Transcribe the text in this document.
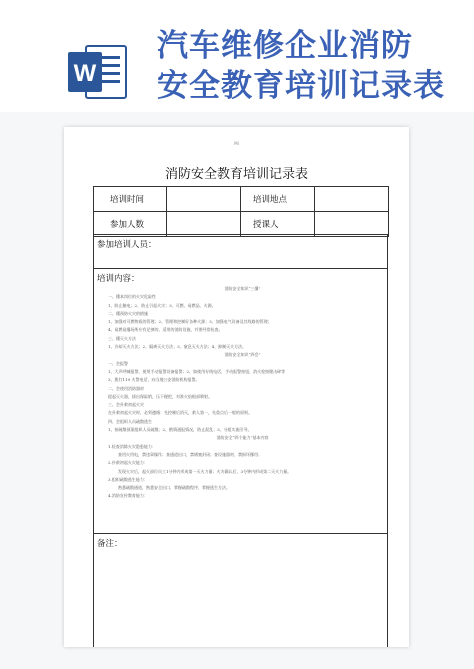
W
汽车维修企业消防
安全教育培训记录表
Mi
消防安全教育培训记录表
培训时间		培训地点	
参加人数		授课人	
参加培训人员：
培训内容：
消防安全知识“三懂”
一、懂本岗位的火灾危险性
1、防止触电；2、防止引起火灾；3、可燃、易燃品、火源。
二、懂预防火灾的措施
1、加强对可燃物质的管理；2、管理和控制好各种火源；3、加强电气设备及其线路的管理；
4、易燃易爆场所应有足够的、适用的消防设施，并要经常检查。
三、懂灭火方法
1、冷却灭火方法；2、隔离灭火方法；3、窒息灭火方法；4、抑制灭火方法。
消防安全知识“四会”
一、会报警
1、大声呼喊报警，使用手动报警设备报警；2、如使用专线电话，手动报警按钮，消火栓按键击碎等
3、拨打119 火警电话，向当地公安消防机构报警。
二、会使用消防器材
提起灭火器，拔出保险销，压下握把，对准火焰根部喷射。
三、会扑救初起火灾
在扑救初起火灾时，必须遵循：先控制后消灭，救人第一，先重点后一般的原则。
四、会组织人员疏散逃生
1、按疏散预案组织人员疏散；2、酌情通报情况，防止混乱；3、分组实施引导。
消防安全“四个能力”基本内容
1.检查消除火灾隐患能力：
查用火用电，禁违章操作；查通道出口，禁堵塞封闭；查设施器材，禁损坏挪用；
2.扑救初起火灾能力：
发现火灾后，起火部位员工1分钟内形成第一灭火力量；火灾确认后，3分钟内形成第二灭火力量。
3.组织疏散逃生能力：
熟悉疏散通道，熟悉安全出口，掌握疏散程序，掌握逃生方法。
4.消防宣传教育能力：
备注：
